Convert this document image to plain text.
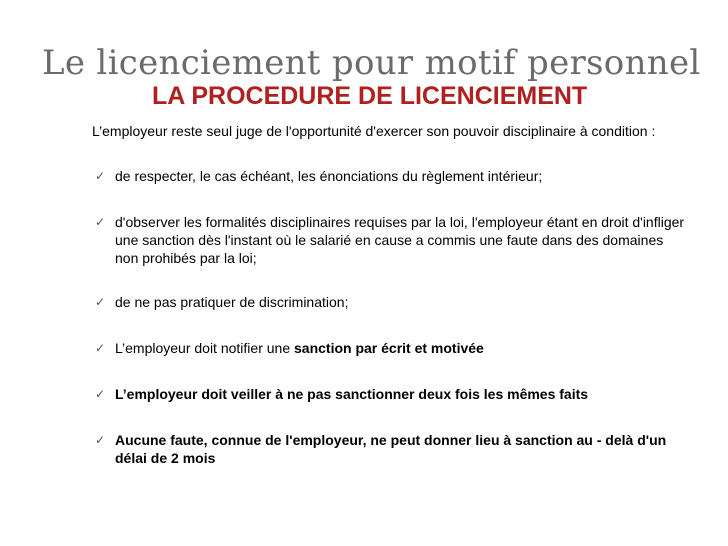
Le licenciement pour motif personnel
LA PROCEDURE DE LICENCIEMENT
L’employeur reste seul juge de l'opportunité d'exercer son pouvoir disciplinaire à condition :
✓ de respecter, le cas échéant, les énonciations du règlement intérieur;
✓ d'observer les formalités disciplinaires requises par la loi, l'employeur étant en droit d'infliger une sanction dès l'instant où le salarié en cause a commis une faute dans des domaines non prohibés par la loi;
✓ de ne pas pratiquer de discrimination;
✓ L’employeur doit notifier une sanction par écrit et motivée
✓ L’employeur doit veiller à ne pas sanctionner deux fois les mêmes faits
✓ Aucune faute, connue de l'employeur, ne peut donner lieu à sanction au - delà d'un délai de 2 mois
